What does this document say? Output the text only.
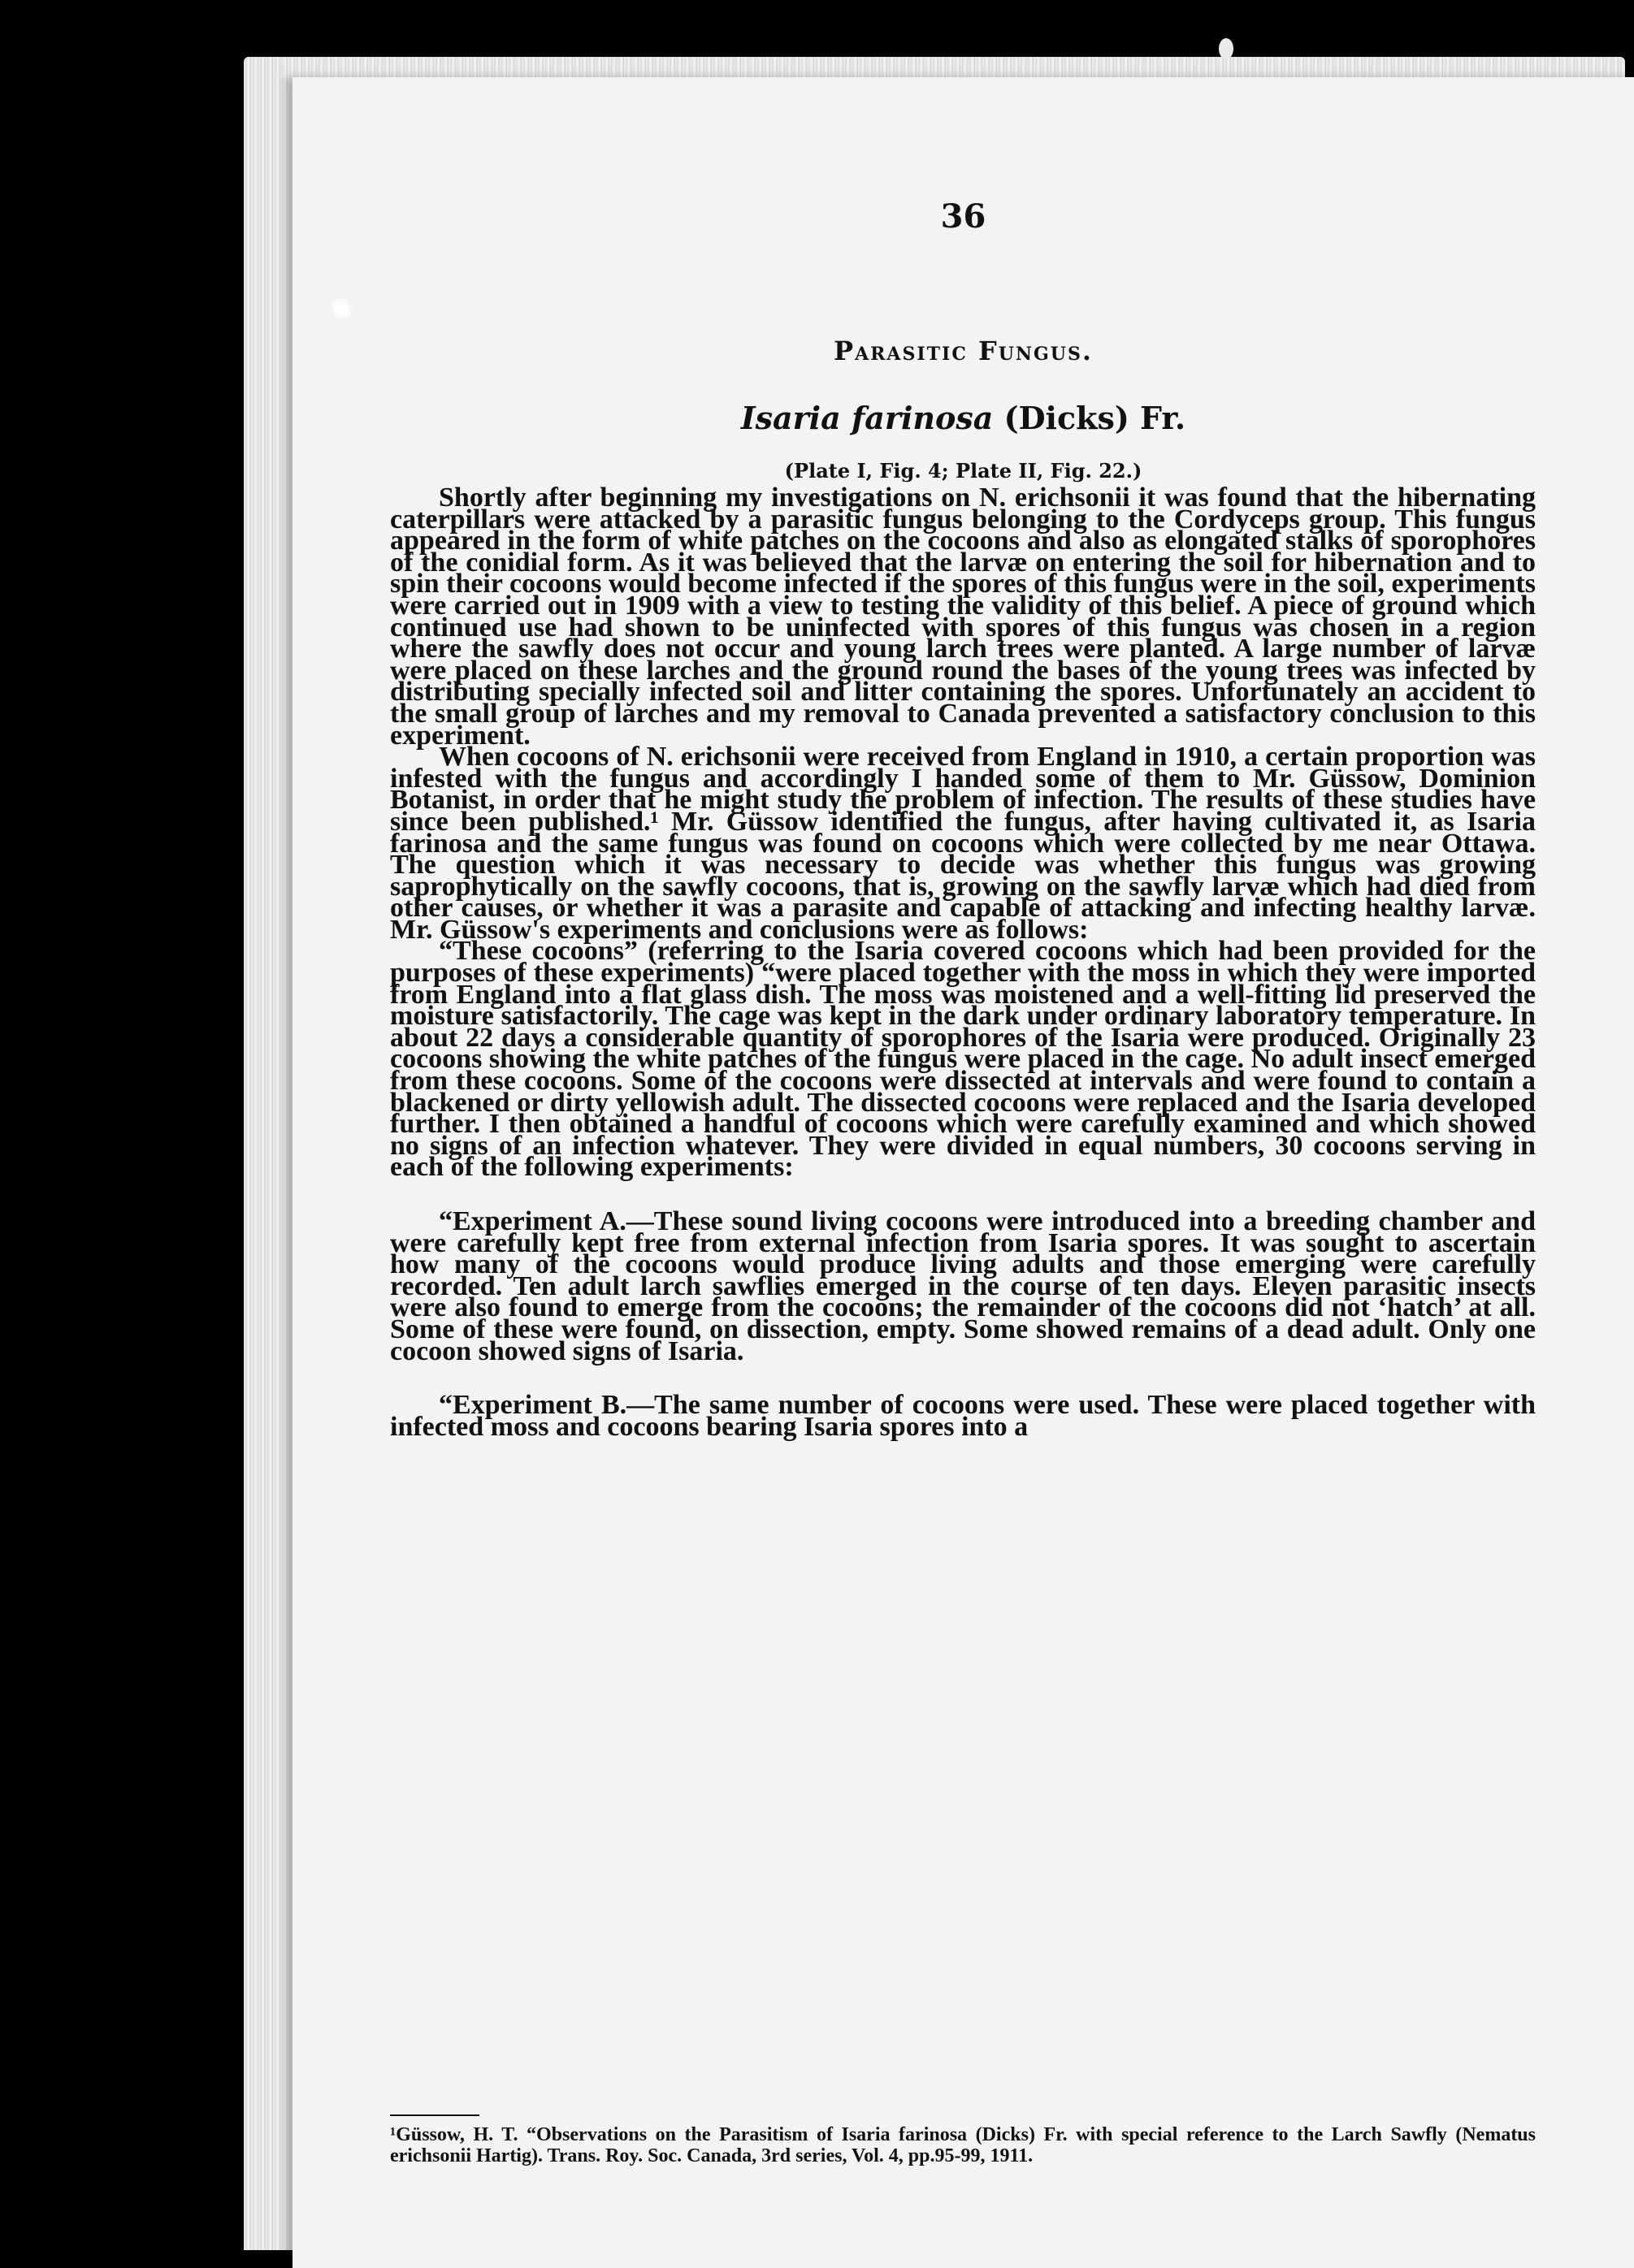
36
Parasitic Fungus.
Isaria farinosa (Dicks) Fr.
(Plate I, Fig. 4; Plate II, Fig. 22.)

Shortly after beginning my investigations on N. erichsonii it was found that the hibernating caterpillars were attacked by a parasitic fungus belonging to the Cordyceps group. This fungus appeared in the form of white patches on the cocoons and also as elongated stalks of sporophores of the conidial form. As it was believed that the larvæ on entering the soil for hibernation and to spin their cocoons would become infected if the spores of this fungus were in the soil, experiments were carried out in 1909 with a view to testing the validity of this belief. A piece of ground which continued use had shown to be uninfected with spores of this fungus was chosen in a region where the sawfly does not occur and young larch trees were planted. A large number of larvæ were placed on these larches and the ground round the bases of the young trees was infected by distributing specially infected soil and litter containing the spores. Unfortunately an accident to the small group of larches and my removal to Canada prevented a satisfactory conclusion to this experiment.

When cocoons of N. erichsonii were received from England in 1910, a certain proportion was infested with the fungus and accordingly I handed some of them to Mr. Güssow, Dominion Botanist, in order that he might study the problem of infection. The results of these studies have since been published.¹ Mr. Güssow identified the fungus, after having cultivated it, as Isaria farinosa and the same fungus was found on cocoons which were collected by me near Ottawa. The question which it was necessary to decide was whether this fungus was growing saprophytically on the sawfly cocoons, that is, growing on the sawfly larvæ which had died from other causes, or whether it was a parasite and capable of attacking and infecting healthy larvæ. Mr. Güssow's experiments and conclusions were as follows:

“These cocoons” (referring to the Isaria covered cocoons which had been provided for the purposes of these experiments) “were placed together with the moss in which they were imported from England into a flat glass dish. The moss was moistened and a well-fitting lid preserved the moisture satisfactorily. The cage was kept in the dark under ordinary laboratory temperature. In about 22 days a considerable quantity of sporophores of the Isaria were produced. Originally 23 cocoons showing the white patches of the fungus were placed in the cage. No adult insect emerged from these cocoons. Some of the cocoons were dissected at intervals and were found to contain a blackened or dirty yellowish adult. The dissected cocoons were replaced and the Isaria developed further. I then obtained a handful of cocoons which were carefully examined and which showed no signs of an infection whatever. They were divided in equal numbers, 30 cocoons serving in each of the following experiments:

“Experiment A.—These sound living cocoons were introduced into a breeding chamber and were carefully kept free from external infection from Isaria spores. It was sought to ascertain how many of the cocoons would produce living adults and those emerging were carefully recorded. Ten adult larch sawflies emerged in the course of ten days. Eleven parasitic insects were also found to emerge from the cocoons; the remainder of the cocoons did not ‘hatch’ at all. Some of these were found, on dissection, empty. Some showed remains of a dead adult. Only one cocoon showed signs of Isaria.

“Experiment B.—The same number of cocoons were used. These were placed together with infected moss and cocoons bearing Isaria spores into a

¹Güssow, H. T. “Observations on the Parasitism of Isaria farinosa (Dicks) Fr. with special reference to the Larch Sawfly (Nematus erichsonii Hartig). Trans. Roy. Soc. Canada, 3rd series, Vol. 4, pp.95-99, 1911.
